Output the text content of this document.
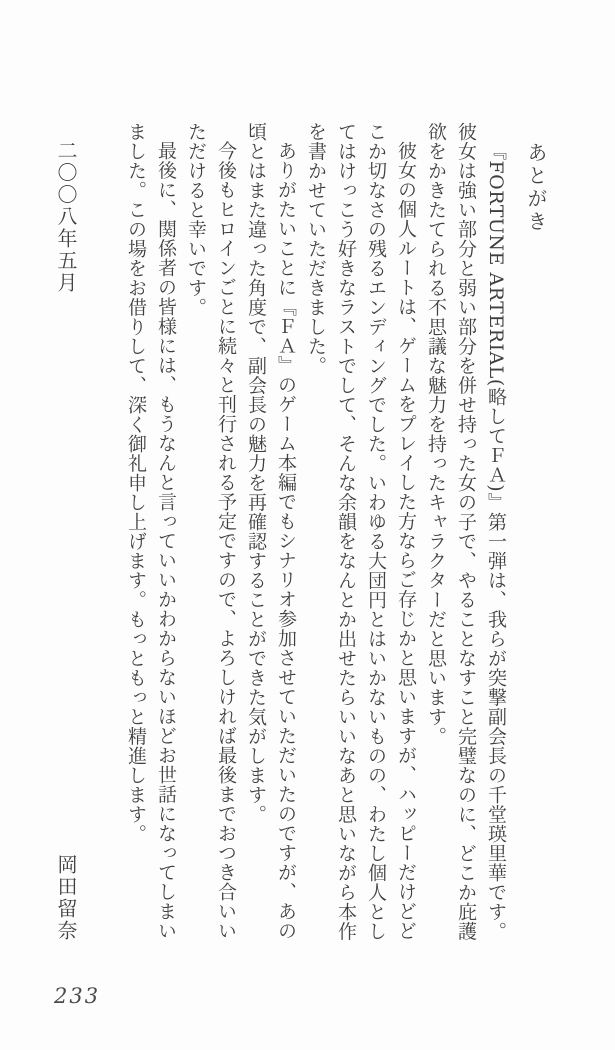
あとがき

『FORTUNE ARTERIAL(略してＦＡ)』第一弾は、我らが突撃副会長の千堂瑛里華です。彼女は強い部分と弱い部分を併せ持った女の子で、やることなすこと完璧なのに、どこか庇護欲をかきたてられる不思議な魅力を持ったキャラクターだと思います。

彼女の個人ルートは、ゲームをプレイした方ならご存じかと思いますが、ハッピーだけどどこか切なさの残るエンディングでした。いわゆる大団円とはいかないものの、わたし個人としてはけっこう好きなラストでして、そんな余韻をなんとか出せたらいいなあと思いながら本作を書かせていただきました。

ありがたいことに『ＦＡ』のゲーム本編でもシナリオ参加させていただいたのですが、あの頃とはまた違った角度で、副会長の魅力を再確認することができた気がします。

今後もヒロインごとに続々と刊行される予定ですので、よろしければ最後までおつき合いいただけると幸いです。

最後に、関係者の皆様には、もうなんと言っていいかわからないほどお世話になってしまいました。この場をお借りして、深く御礼申し上げます。もっともっと精進します。

二〇〇八年五月
岡田留奈
233
